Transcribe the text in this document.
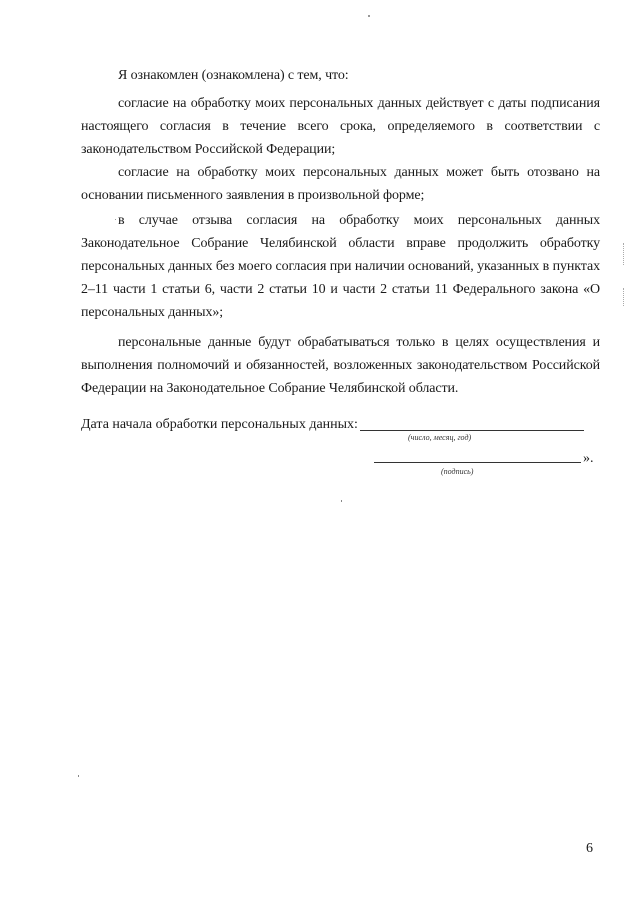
Я ознакомлен (ознакомлена) с тем, что:
согласие на обработку моих персональных данных действует с даты подписания настоящего согласия в течение всего срока, определяемого в соответствии с законодательством Российской Федерации;
согласие на обработку моих персональных данных может быть отозвано на основании письменного заявления в произвольной форме;
в случае отзыва согласия на обработку моих персональных данных Законодательное Собрание Челябинской области вправе продолжить обработку персональных данных без моего согласия при наличии оснований, указанных в пунктах 2–11 части 1 статьи 6, части 2 статьи 10 и части 2 статьи 11 Федерального закона «О персональных данных»;
персональные данные будут обрабатываться только в целях осуществления и выполнения полномочий и обязанностей, возложенных законодательством Российской Федерации на Законодательное Собрание Челябинской области.
Дата начала обработки персональных данных:
(число, месяц, год)
».
(подпись)
6
